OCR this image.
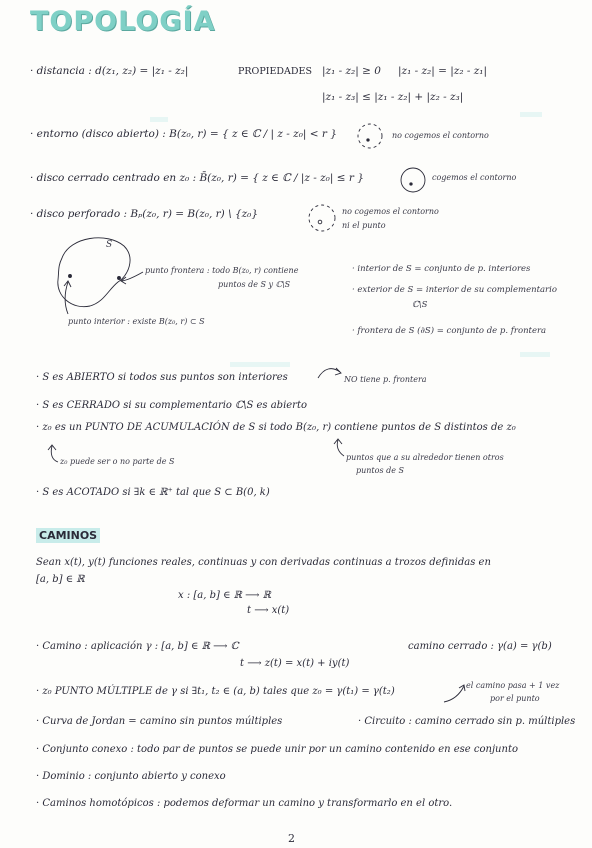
TOPOLOGÍA
· distancia : d(z₁, z₂) = |z₁ - z₂|	PROPIEDADES |z₁ - z₂| ≥ 0 |z₁ - z₂| = |z₂ - z₁|
|z₁ - z₃| ≤ |z₁ - z₂| + |z₂ - z₃|
· entorno (disco abierto) : B(z₀, r) = { z ∈ ℂ / | z - z₀| < r }	no cogemos el contorno
· disco cerrado centrado en z₀ : B̄(z₀, r) = { z ∈ ℂ / |z - z₀| ≤ r }	cogemos el contorno
· disco perforado : Bₚ(z₀, r) = B(z₀, r) \ {z₀}	no cogemos el contorno
ni el punto
S
punto frontera : todo B(z₀, r) contiene
puntos de S y ℂ\S
punto interior : existe B(z₀, r) ⊂ S
· interior de S = conjunto de p. interiores
· exterior de S = interior de su complementario
ℂ\S
· frontera de S (∂S) = conjunto de p. frontera
· S es ABIERTO si todos sus puntos son interiores	NO tiene p. frontera
· S es CERRADO si su complementario ℂ\S es abierto
· z₀ es un PUNTO DE ACUMULACIÓN de S si todo B(z₀, r) contiene puntos de S distintos de z₀
z₀ puede ser o no parte de S	puntos que a su alrededor tienen otros
puntos de S
· S es ACOTADO si ∃k ∈ ℝ⁺ tal que S ⊂ B(0, k)
CAMINOS
Sean x(t), y(t) funciones reales, continuas y con derivadas continuas a trozos definidas en
[a, b] ∈ ℝ
x : [a, b] ∈ ℝ ⟶ ℝ
t ⟶ x(t)
· Camino : aplicación γ : [a, b] ∈ ℝ ⟶ ℂ
t ⟶ z(t) = x(t) + iy(t)
camino cerrado : γ(a) = γ(b)
· z₀ PUNTO MÚLTIPLE de γ si ∃t₁, t₂ ∈ (a, b) tales que z₀ = γ(t₁) = γ(t₂)
el camino pasa + 1 vez
por el punto
· Curva de Jordan = camino sin puntos múltiples	· Circuito : camino cerrado sin p. múltiples
· Conjunto conexo : todo par de puntos se puede unir por un camino contenido en ese conjunto
· Dominio : conjunto abierto y conexo
· Caminos homotópicos : podemos deformar un camino y transformarlo en el otro.
2
